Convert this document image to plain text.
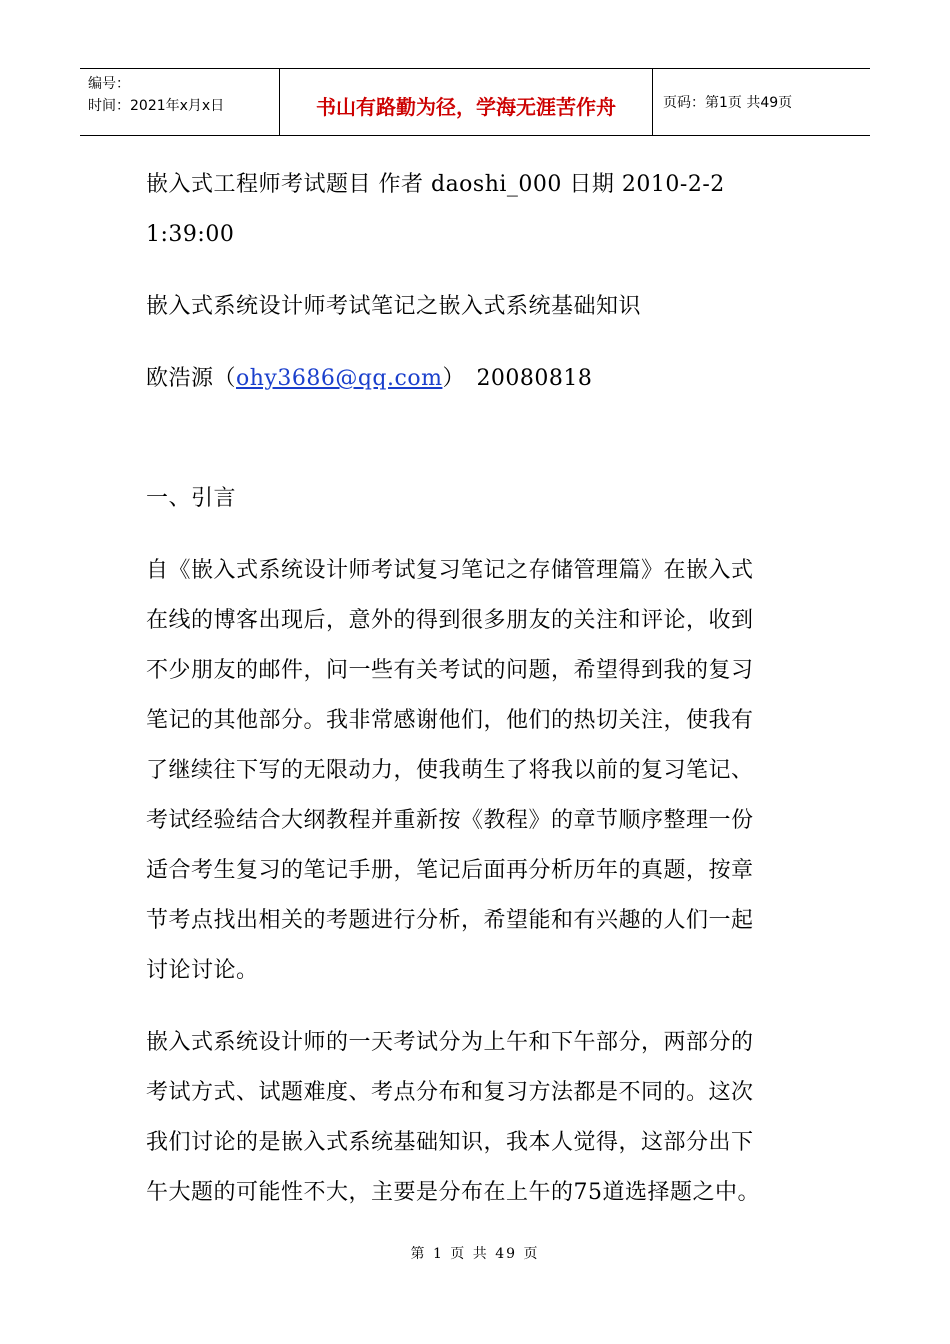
编号：
时间：2021年x月x日	书山有路勤为径，学海无涯苦作舟	页码：第1页 共49页
嵌入式工程师考试题目 作者 daoshi_000 日期 2010-2-2
1:39:00
嵌入式系统设计师考试笔记之嵌入式系统基础知识
欧浩源（ohy3686@qq.com）　20080818
一、引言
自《嵌入式系统设计师考试复习笔记之存储管理篇》在嵌入式
在线的博客出现后，意外的得到很多朋友的关注和评论，收到
不少朋友的邮件，问一些有关考试的问题，希望得到我的复习
笔记的其他部分。我非常感谢他们，他们的热切关注，使我有
了继续往下写的无限动力，使我萌生了将我以前的复习笔记、
考试经验结合大纲教程并重新按《教程》的章节顺序整理一份
适合考生复习的笔记手册，笔记后面再分析历年的真题，按章
节考点找出相关的考题进行分析，希望能和有兴趣的人们一起
讨论讨论。
嵌入式系统设计师的一天考试分为上午和下午部分，两部分的
考试方式、试题难度、考点分布和复习方法都是不同的。这次
我们讨论的是嵌入式系统基础知识，我本人觉得，这部分出下
午大题的可能性不大，主要是分布在上午的75道选择题之中。
第 1 页 共 49 页
